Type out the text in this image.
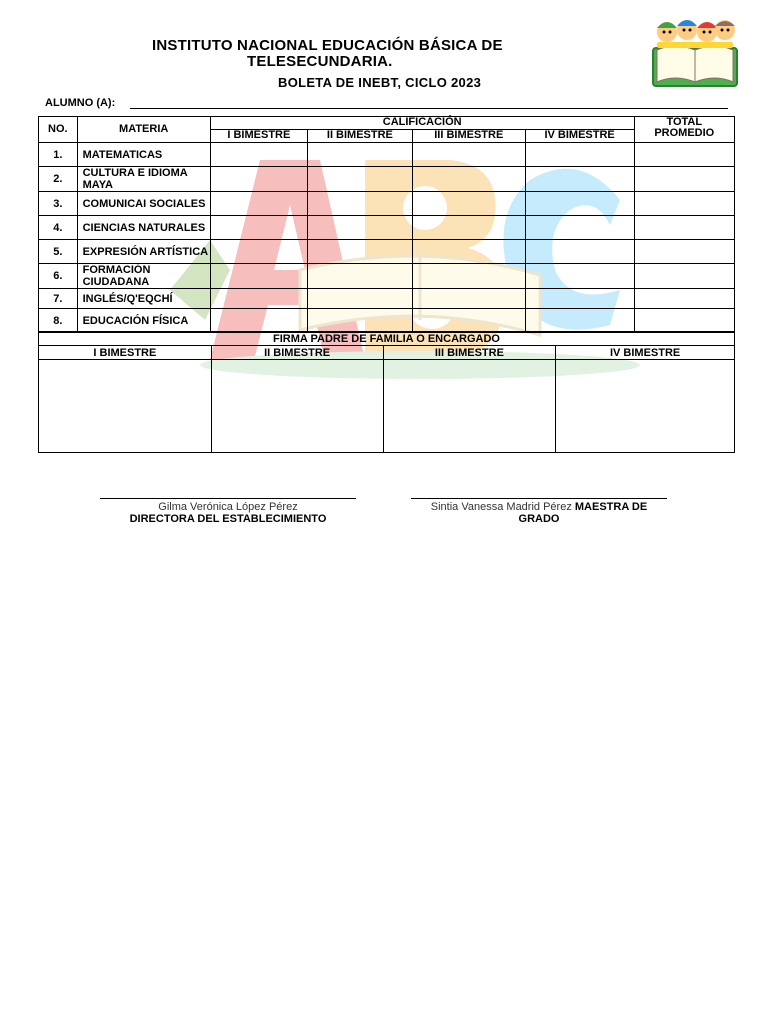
INSTITUTO NACIONAL EDUCACIÓN BÁSICA DE
TELESECUNDARIA.
BOLETA DE INEBT, CICLO 2023
ALUMNO (A):
NO.	MATERIA	CALIFICACIÓN				TOTAL PROMEDIO
		I BIMESTRE	II BIMESTRE	III BIMESTRE	IV BIMESTRE	
1.	MATEMATICAS					
2.	CULTURA E IDIOMA MAYA					
3.	COMUNICAI SOCIALES					
4.	CIENCIAS NATURALES					
5.	EXPRESIÓN ARTÍSTICA					
6.	FORMACIÓN CIUDADANA					
7.	INGLÉS/Q'EQCHÍ					
8.	EDUCACIÓN FÍSICA					
FIRMA PADRE DE FAMILIA O ENCARGADO			
I BIMESTRE	II BIMESTRE	III BIMESTRE	IV BIMESTRE

Gilma Verónica López Pérez
DIRECTORA DEL ESTABLECIMIENTO
Sintia Vanessa Madrid Pérez MAESTRA DE
GRADO
